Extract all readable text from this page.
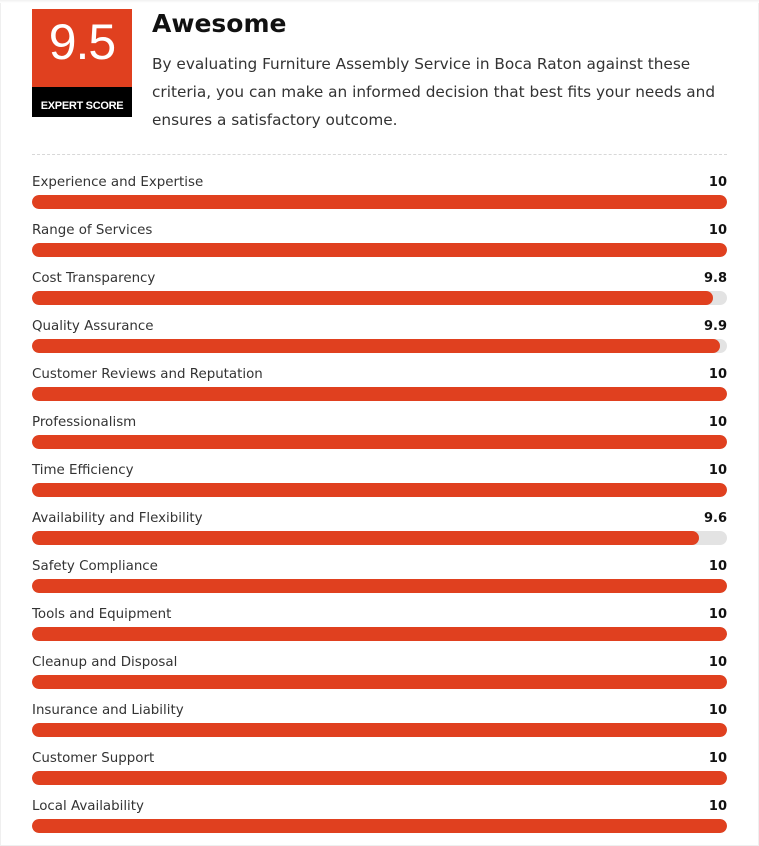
9.5
EXPERT SCORE
Awesome

By evaluating Furniture Assembly Service in Boca Raton against these criteria, you can make an informed decision that best fits your needs and ensures a satisfactory outcome.

Experience and Expertise	10
Range of Services	10
Cost Transparency	9.8
Quality Assurance	9.9
Customer Reviews and Reputation	10
Professionalism	10
Time Efficiency	10
Availability and Flexibility	9.6
Safety Compliance	10
Tools and Equipment	10
Cleanup and Disposal	10
Insurance and Liability	10
Customer Support	10
Local Availability	10
